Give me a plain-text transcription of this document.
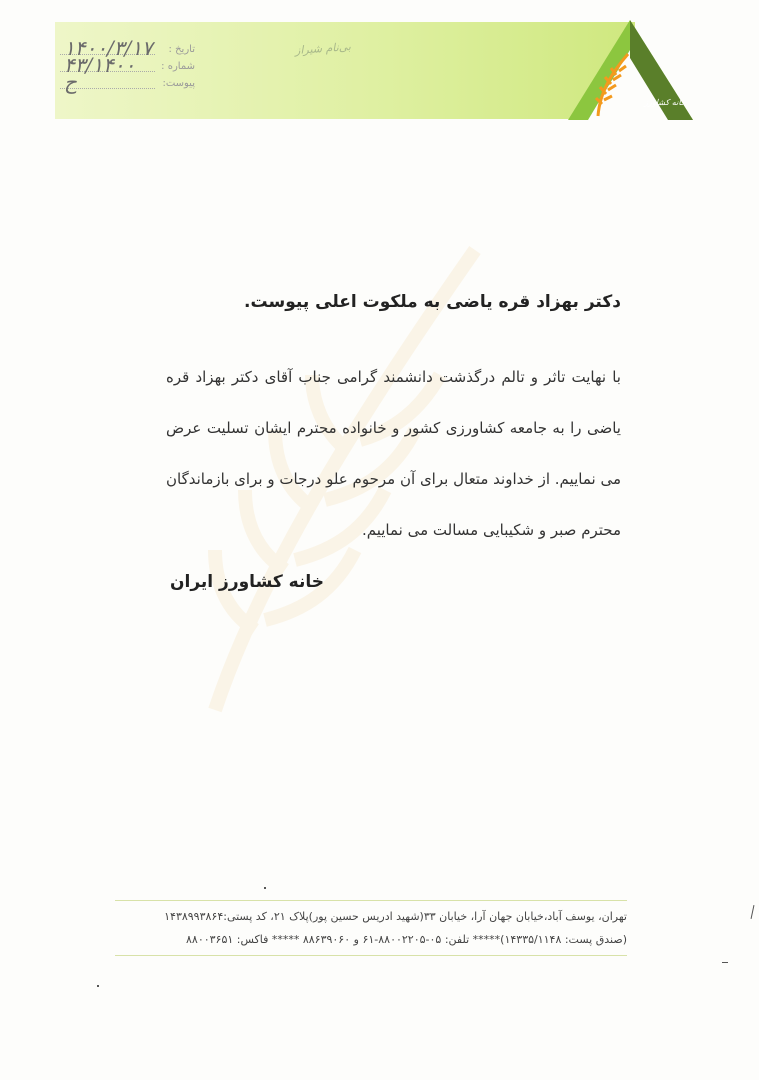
خانه کشاورز
تاریخ :
۱۴۰۰/۳/۱۷
شماره :
۴۳/۱۴۰۰
پیوست:
ح
بی‌نام شیراز
دکتر بهزاد قره یاضی به ملکوت اعلی پیوست.
با نهایت تاثر و تالم درگذشت دانشمند گرامی جناب آقای دکتر بهزاد قره یاضی را به جامعه کشاورزی کشور و خانواده محترم ایشان تسلیت عرض می نماییم. از خداوند متعال برای آن مرحوم علو درجات و برای بازماندگان محترم صبر و شکیبایی مسالت می نماییم.
خانه کشاورز ایران
تهران، یوسف آباد،خیابان جهان آرا، خیابان ۳۳(شهید ادریس حسین پور)پلاک ۲۱، کد پستی:۱۴۳۸۹۹۳۸۶۴
(صندق پست: ۱۴۳۳۵/۱۱۴۸)***** تلفن: ۰۵-۸۸۰۰۲۲۰۵-۶۱ و ۸۸۶۳۹۰۶۰ ***** فاکس: ۸۸۰۰۳۶۵۱
